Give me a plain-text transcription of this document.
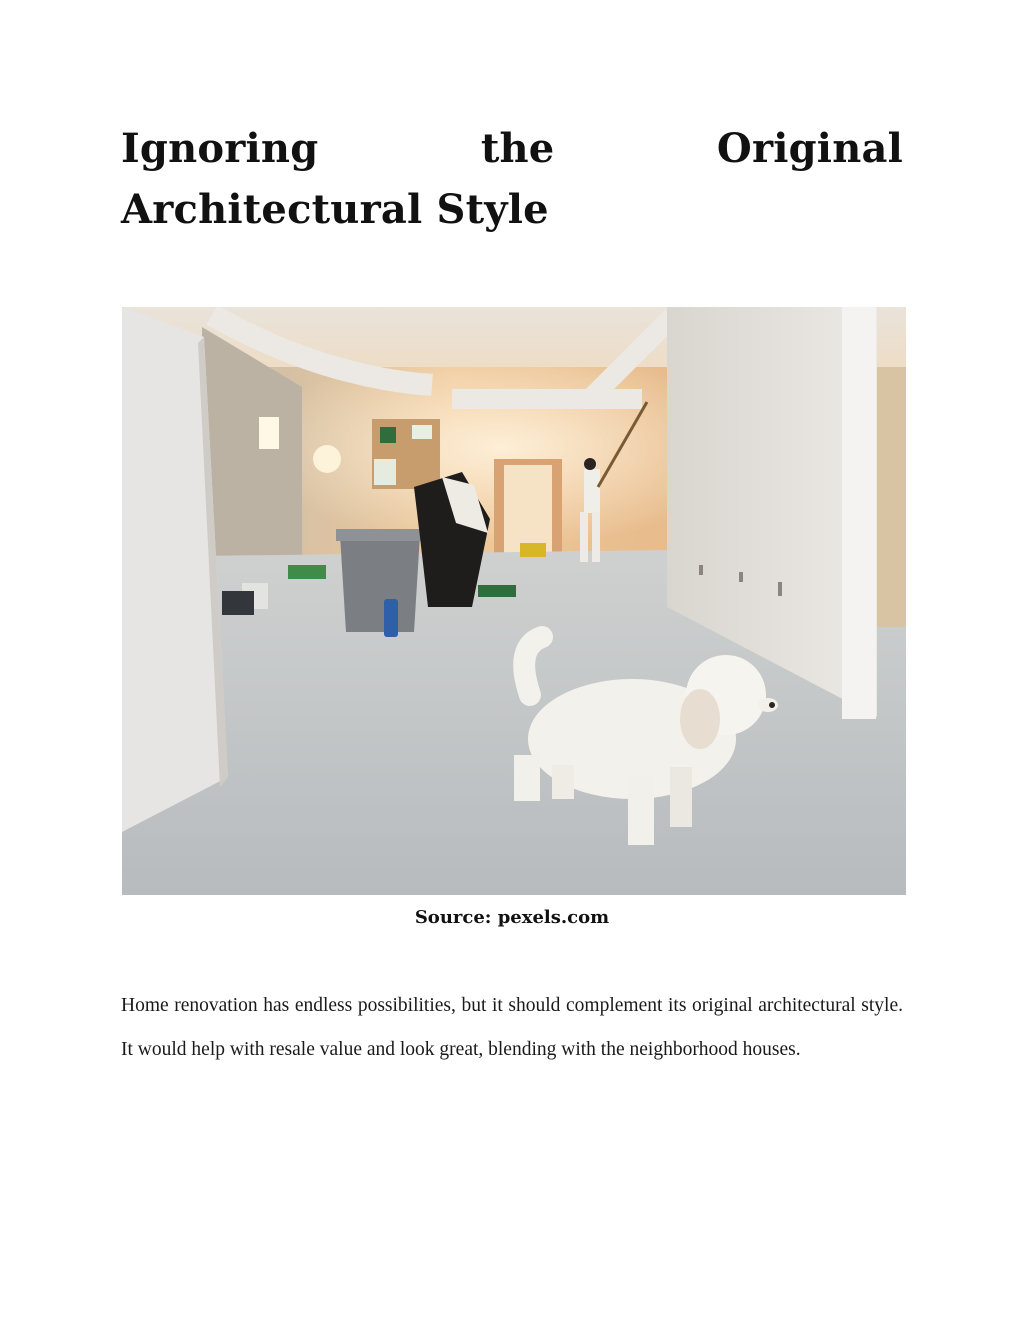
Ignoring the Original Architectural Style
Source: pexels.com

Home renovation has endless possibilities, but it should complement its original architectural style. It would help with resale value and look great, blending with the neighborhood houses.
